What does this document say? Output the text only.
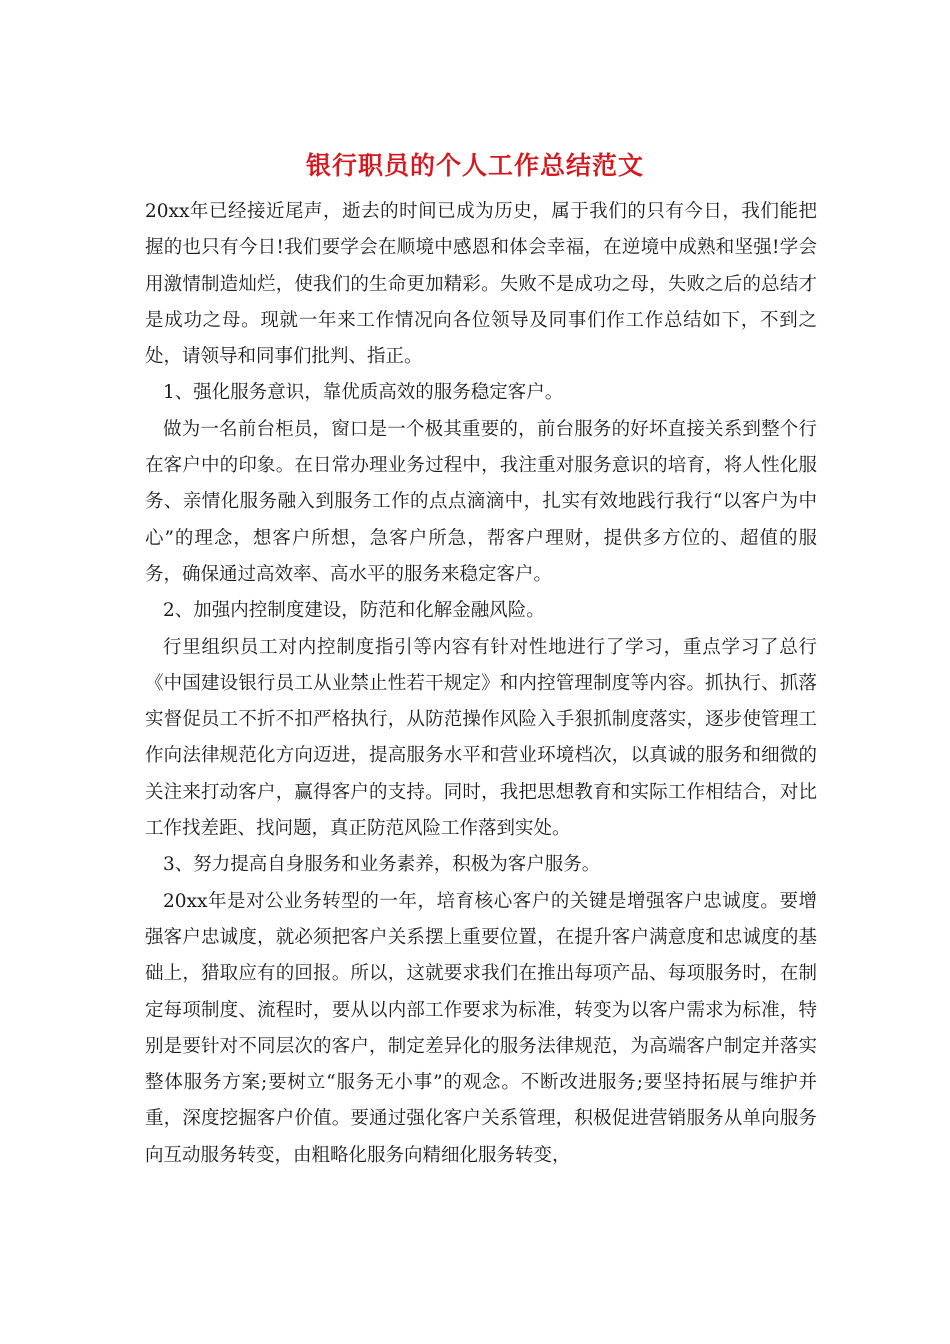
银行职员的个人工作总结范文

20xx年已经接近尾声，逝去的时间已成为历史，属于我们的只有今日，我们能把握的也只有今日!我们要学会在顺境中感恩和体会幸福，在逆境中成熟和坚强!学会用激情制造灿烂，使我们的生命更加精彩。失败不是成功之母，失败之后的总结才是成功之母。现就一年来工作情况向各位领导及同事们作工作总结如下，不到之处，请领导和同事们批判、指正。

1、强化服务意识，靠优质高效的服务稳定客户。

做为一名前台柜员，窗口是一个极其重要的，前台服务的好坏直接关系到整个行在客户中的印象。在日常办理业务过程中，我注重对服务意识的培育，将人性化服务、亲情化服务融入到服务工作的点点滴滴中，扎实有效地践行我行“以客户为中心”的理念，想客户所想，急客户所急，帮客户理财，提供多方位的、超值的服务，确保通过高效率、高水平的服务来稳定客户。

2、加强内控制度建设，防范和化解金融风险。

行里组织员工对内控制度指引等内容有针对性地进行了学习，重点学习了总行《中国建设银行员工从业禁止性若干规定》和内控管理制度等内容。抓执行、抓落实督促员工不折不扣严格执行，从防范操作风险入手狠抓制度落实，逐步使管理工作向法律规范化方向迈进，提高服务水平和营业环境档次，以真诚的服务和细微的关注来打动客户，赢得客户的支持。同时，我把思想教育和实际工作相结合，对比工作找差距、找问题，真正防范风险工作落到实处。

3、努力提高自身服务和业务素养，积极为客户服务。

20xx年是对公业务转型的一年，培育核心客户的关键是增强客户忠诚度。要增强客户忠诚度，就必须把客户关系摆上重要位置，在提升客户满意度和忠诚度的基础上，猎取应有的回报。所以，这就要求我们在推出每项产品、每项服务时，在制定每项制度、流程时，要从以内部工作要求为标准，转变为以客户需求为标准，特别是要针对不同层次的客户，制定差异化的服务法律规范，为高端客户制定并落实整体服务方案;要树立“服务无小事”的观念。不断改进服务;要坚持拓展与维护并重，深度挖掘客户价值。要通过强化客户关系管理，积极促进营销服务从单向服务向互动服务转变，由粗略化服务向精细化服务转变，
